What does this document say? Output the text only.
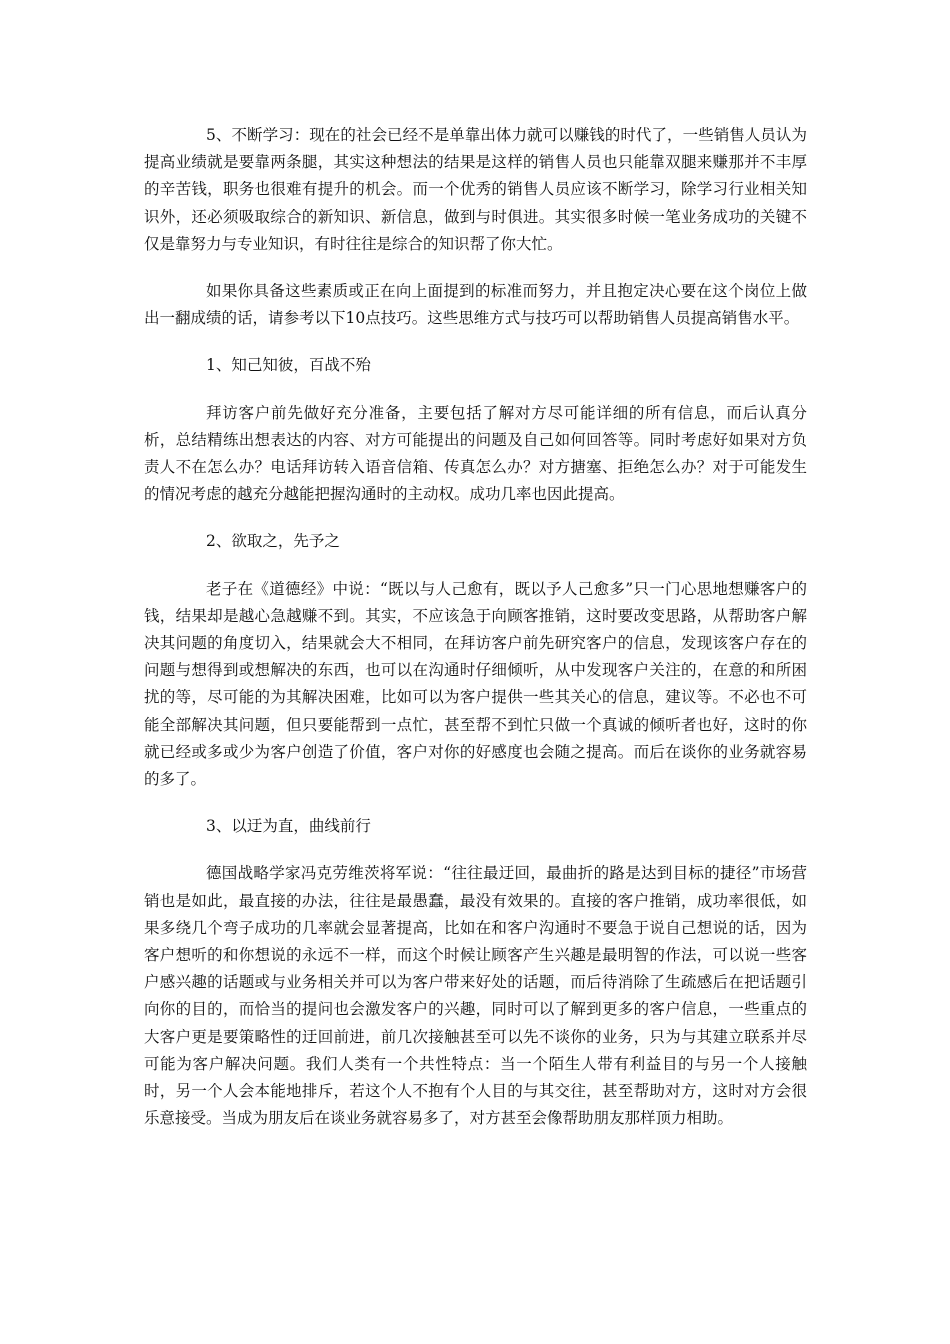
5、不断学习：现在的社会已经不是单靠出体力就可以赚钱的时代了，一些销售人员认为提高业绩就是要靠两条腿，其实这种想法的结果是这样的销售人员也只能靠双腿来赚那并不丰厚的辛苦钱，职务也很难有提升的机会。而一个优秀的销售人员应该不断学习，除学习行业相关知识外，还必须吸取综合的新知识、新信息，做到与时俱进。其实很多时候一笔业务成功的关键不仅是靠努力与专业知识，有时往往是综合的知识帮了你大忙。

如果你具备这些素质或正在向上面提到的标准而努力，并且抱定决心要在这个岗位上做出一翻成绩的话，请参考以下10点技巧。这些思维方式与技巧可以帮助销售人员提高销售水平。

1、知己知彼，百战不殆

拜访客户前先做好充分准备，主要包括了解对方尽可能详细的所有信息，而后认真分析，总结精练出想表达的内容、对方可能提出的问题及自己如何回答等。同时考虑好如果对方负责人不在怎么办？电话拜访转入语音信箱、传真怎么办？对方搪塞、拒绝怎么办？对于可能发生的情况考虑的越充分越能把握沟通时的主动权。成功几率也因此提高。

2、欲取之，先予之

老子在《道德经》中说：“既以与人己愈有，既以予人己愈多”只一门心思地想赚客户的钱，结果却是越心急越赚不到。其实，不应该急于向顾客推销，这时要改变思路，从帮助客户解决其问题的角度切入，结果就会大不相同，在拜访客户前先研究客户的信息，发现该客户存在的问题与想得到或想解决的东西，也可以在沟通时仔细倾听，从中发现客户关注的，在意的和所困扰的等，尽可能的为其解决困难，比如可以为客户提供一些其关心的信息，建议等。不必也不可能全部解决其问题，但只要能帮到一点忙，甚至帮不到忙只做一个真诚的倾听者也好，这时的你就已经或多或少为客户创造了价值，客户对你的好感度也会随之提高。而后在谈你的业务就容易的多了。

3、以迂为直，曲线前行

德国战略学家冯克劳维茨将军说：“往往最迂回，最曲折的路是达到目标的捷径”市场营销也是如此，最直接的办法，往往是最愚蠢，最没有效果的。直接的客户推销，成功率很低，如果多绕几个弯子成功的几率就会显著提高，比如在和客户沟通时不要急于说自己想说的话，因为客户想听的和你想说的永远不一样，而这个时候让顾客产生兴趣是最明智的作法，可以说一些客户感兴趣的话题或与业务相关并可以为客户带来好处的话题，而后待消除了生疏感后在把话题引向你的目的，而恰当的提问也会激发客户的兴趣，同时可以了解到更多的客户信息，一些重点的大客户更是要策略性的迂回前进，前几次接触甚至可以先不谈你的业务，只为与其建立联系并尽可能为客户解决问题。我们人类有一个共性特点：当一个陌生人带有利益目的与另一个人接触时，另一个人会本能地排斥，若这个人不抱有个人目的与其交往，甚至帮助对方，这时对方会很乐意接受。当成为朋友后在谈业务就容易多了，对方甚至会像帮助朋友那样顶力相助。
